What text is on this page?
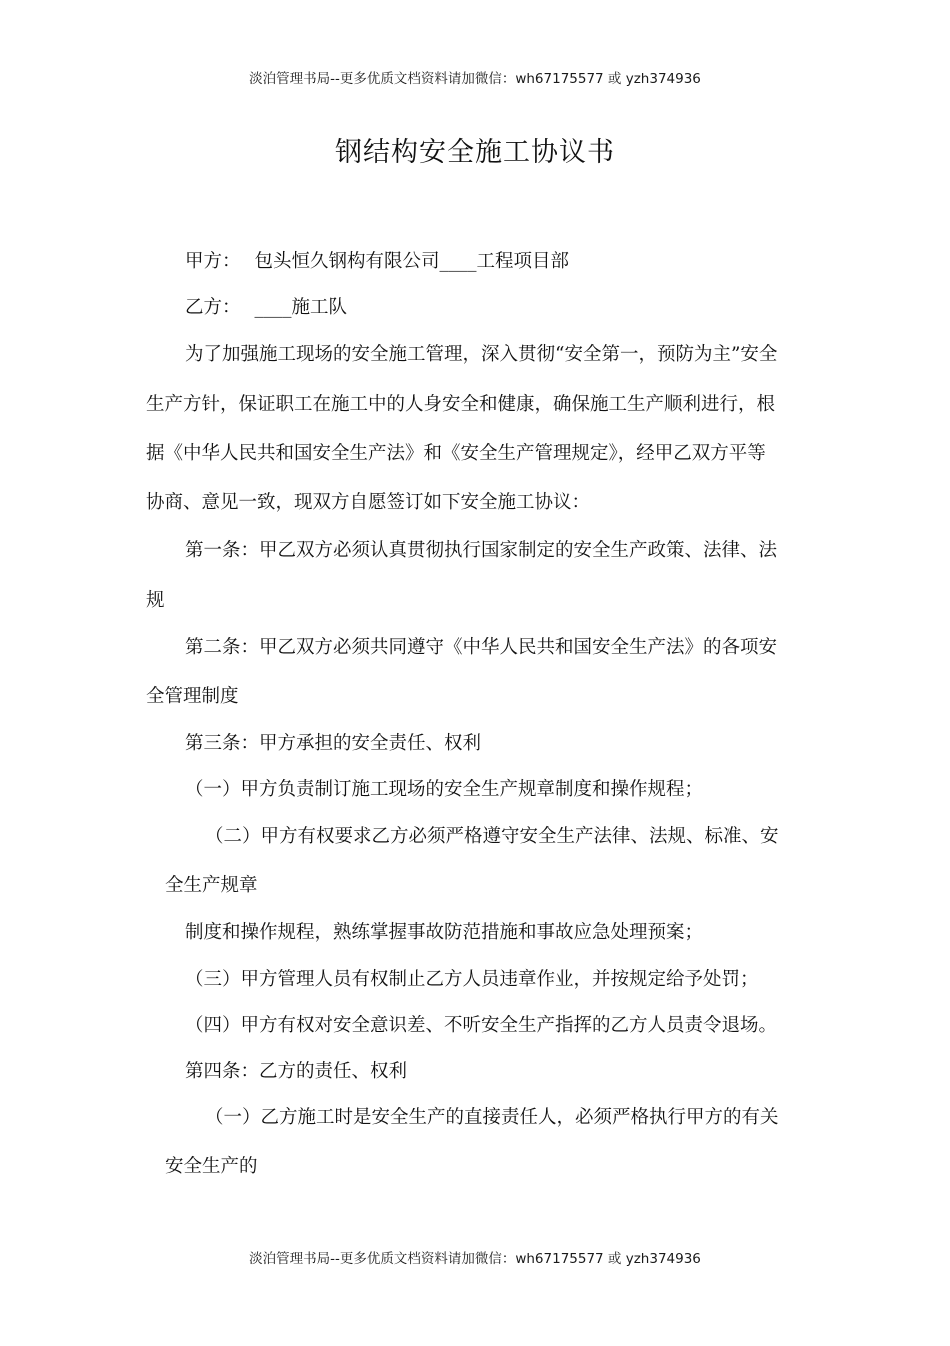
淡泊管理书局--更多优质文档资料请加微信：wh67175577 或 yzh374936
钢结构安全施工协议书
甲方： 包头恒久钢构有限公司____工程项目部
乙方： ____施工队
为了加强施工现场的安全施工管理，深入贯彻“安全第一，预防为主”安全
生产方针，保证职工在施工中的人身安全和健康，确保施工生产顺利进行，根
据《中华人民共和国安全生产法》和《安全生产管理规定》，经甲乙双方平等
协商、意见一致，现双方自愿签订如下安全施工协议：
第一条：甲乙双方必须认真贯彻执行国家制定的安全生产政策、法律、法
规
第二条：甲乙双方必须共同遵守《中华人民共和国安全生产法》的各项安
全管理制度
第三条：甲方承担的安全责任、权利
（一）甲方负责制订施工现场的安全生产规章制度和操作规程；
（二）甲方有权要求乙方必须严格遵守安全生产法律、法规、标准、安
全生产规章
制度和操作规程，熟练掌握事故防范措施和事故应急处理预案；
（三）甲方管理人员有权制止乙方人员违章作业，并按规定给予处罚；
（四）甲方有权对安全意识差、不听安全生产指挥的乙方人员责令退场。
第四条：乙方的责任、权利
（一）乙方施工时是安全生产的直接责任人，必须严格执行甲方的有关
安全生产的
淡泊管理书局--更多优质文档资料请加微信：wh67175577 或 yzh374936
